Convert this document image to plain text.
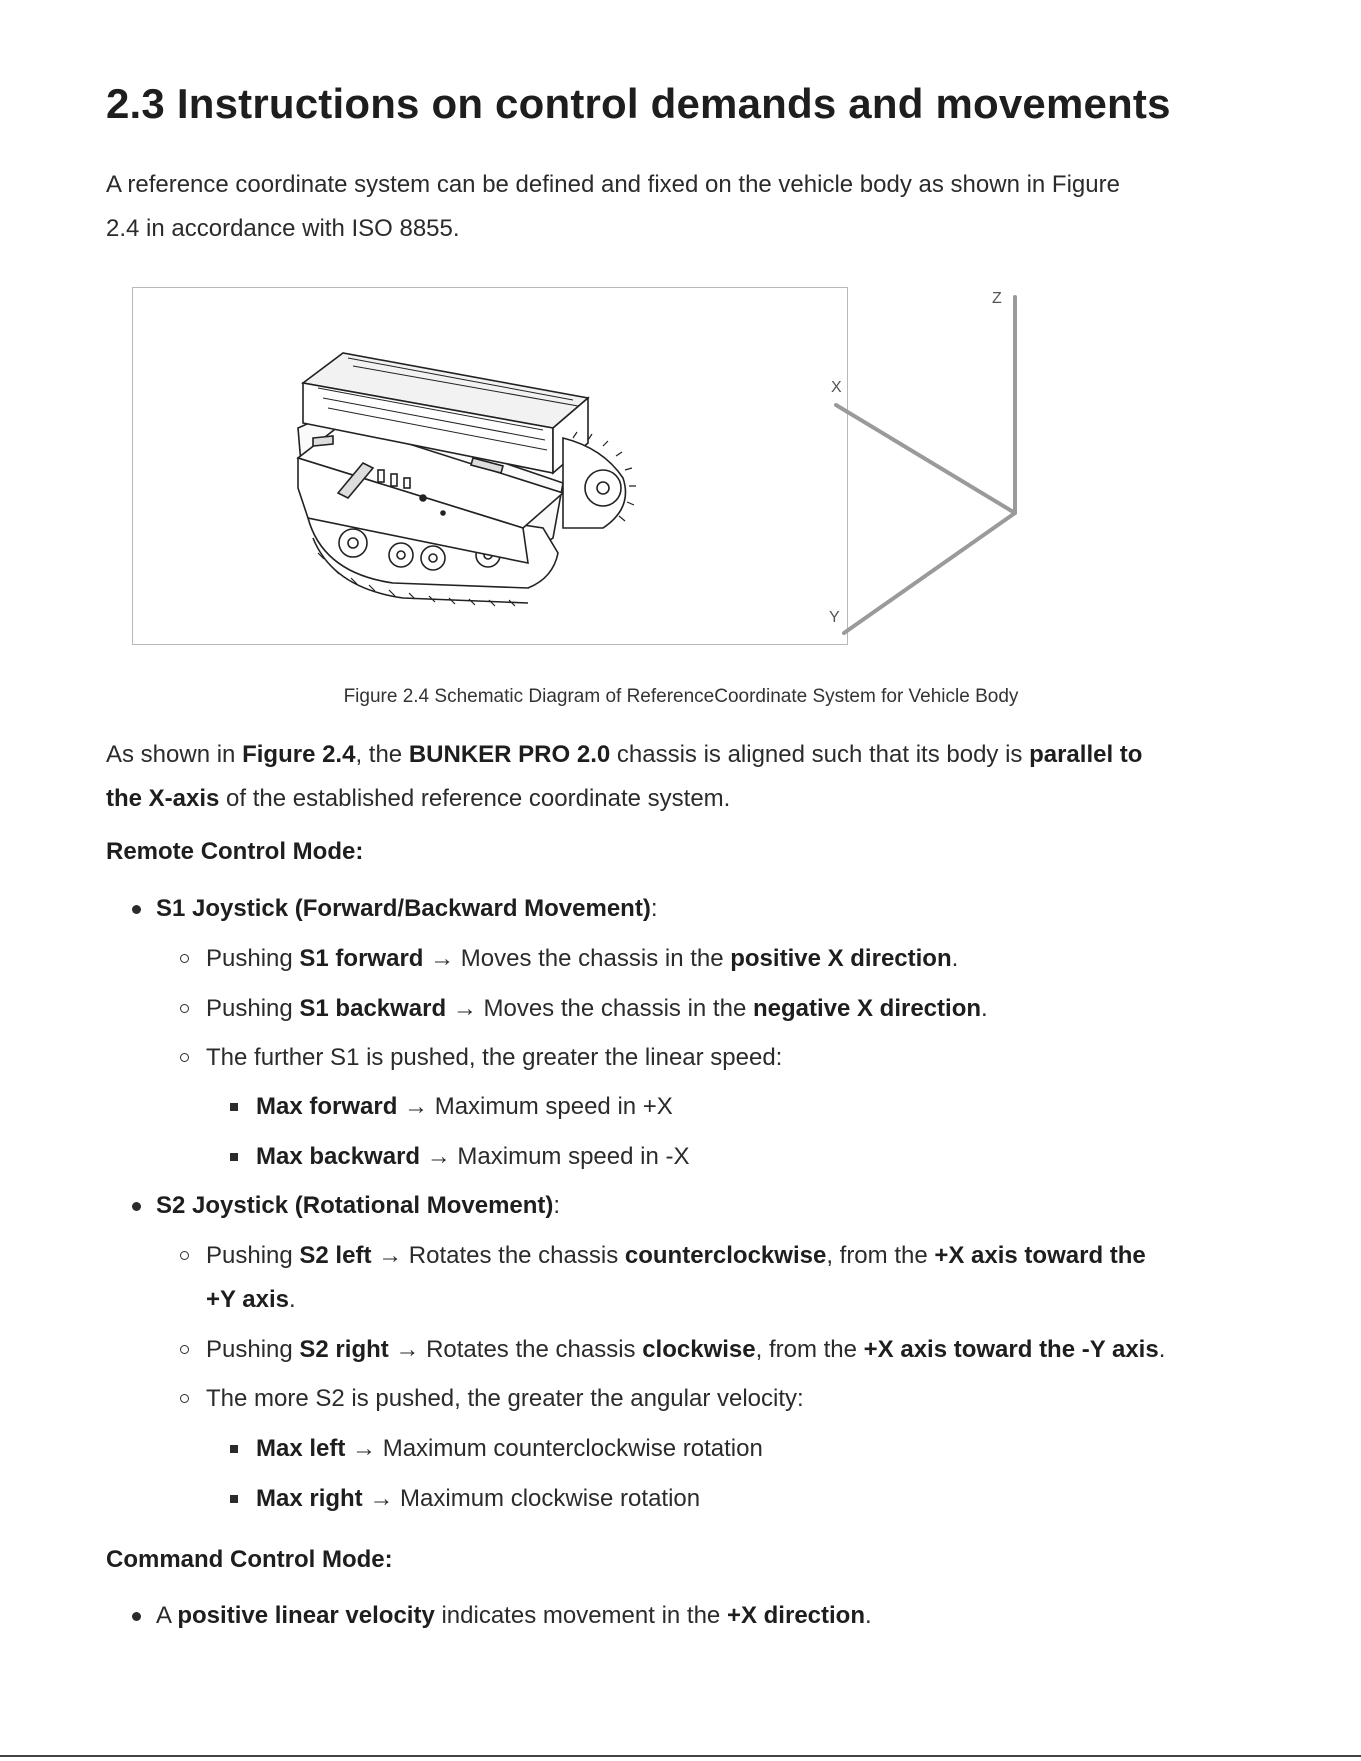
2.3 Instructions on control demands and movements

A reference coordinate system can be defined and fixed on the vehicle body as shown in Figure

2.4 in accordance with ISO 8855.

Z
X
Y
Figure 2.4 Schematic Diagram of ReferenceCoordinate System for Vehicle Body
As shown in Figure 2.4, the BUNKER PRO 2.0 chassis is aligned such that its body is parallel to
the X-axis of the established reference coordinate system.
Remote Control Mode:
S1 Joystick (Forward/Backward Movement):
Pushing S1 forward → Moves the chassis in the positive X direction.
Pushing S1 backward → Moves the chassis in the negative X direction.
The further S1 is pushed, the greater the linear speed:
Max forward → Maximum speed in +X
Max backward → Maximum speed in -X
S2 Joystick (Rotational Movement):
Pushing S2 left → Rotates the chassis counterclockwise, from the +X axis toward the
+Y axis.
Pushing S2 right → Rotates the chassis clockwise, from the +X axis toward the -Y axis.
The more S2 is pushed, the greater the angular velocity:
Max left → Maximum counterclockwise rotation
Max right → Maximum clockwise rotation
Command Control Mode:
A positive linear velocity indicates movement in the +X direction.
